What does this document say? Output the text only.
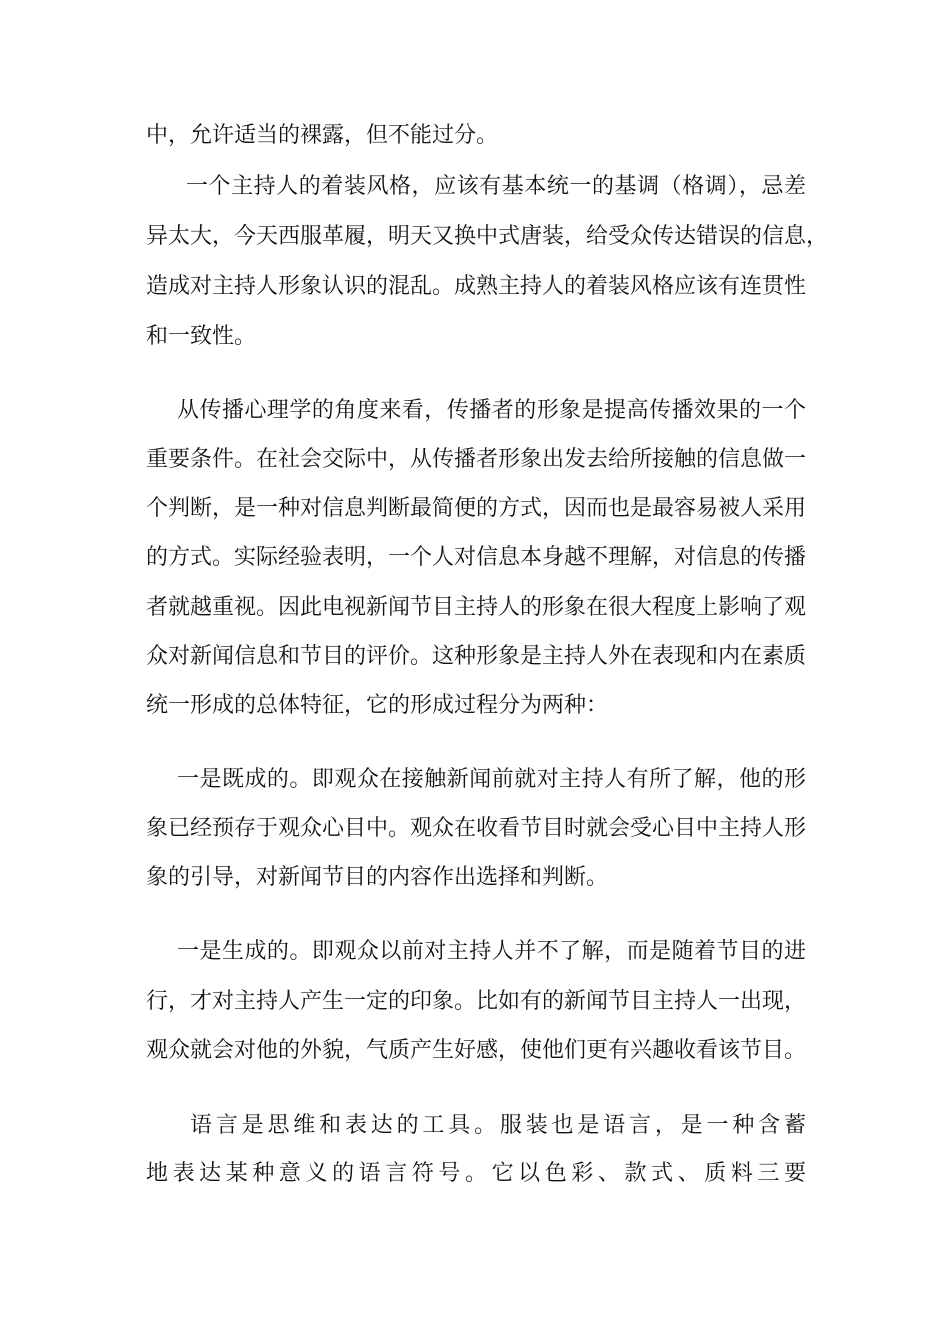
中，允许适当的裸露，但不能过分。
一个主持人的着装风格，应该有基本统一的基调（格调），忌差
异太大，今天西服革履，明天又换中式唐装，给受众传达错误的信息，
造成对主持人形象认识的混乱。成熟主持人的着装风格应该有连贯性
和一致性。
从传播心理学的角度来看，传播者的形象是提高传播效果的一个
重要条件。在社会交际中，从传播者形象出发去给所接触的信息做一
个判断，是一种对信息判断最简便的方式，因而也是最容易被人采用
的方式。实际经验表明，一个人对信息本身越不理解，对信息的传播
者就越重视。因此电视新闻节目主持人的形象在很大程度上影响了观
众对新闻信息和节目的评价。这种形象是主持人外在表现和内在素质
统一形成的总体特征，它的形成过程分为两种：
一是既成的。即观众在接触新闻前就对主持人有所了解，他的形
象已经预存于观众心目中。观众在收看节目时就会受心目中主持人形
象的引导，对新闻节目的内容作出选择和判断。
一是生成的。即观众以前对主持人并不了解，而是随着节目的进
行，才对主持人产生一定的印象。比如有的新闻节目主持人一出现，
观众就会对他的外貌，气质产生好感，使他们更有兴趣收看该节目。
语言是思维和表达的工具。服装也是语言，是一种含蓄
地表达某种意义的语言符号。它以色彩、款式、质料三要
